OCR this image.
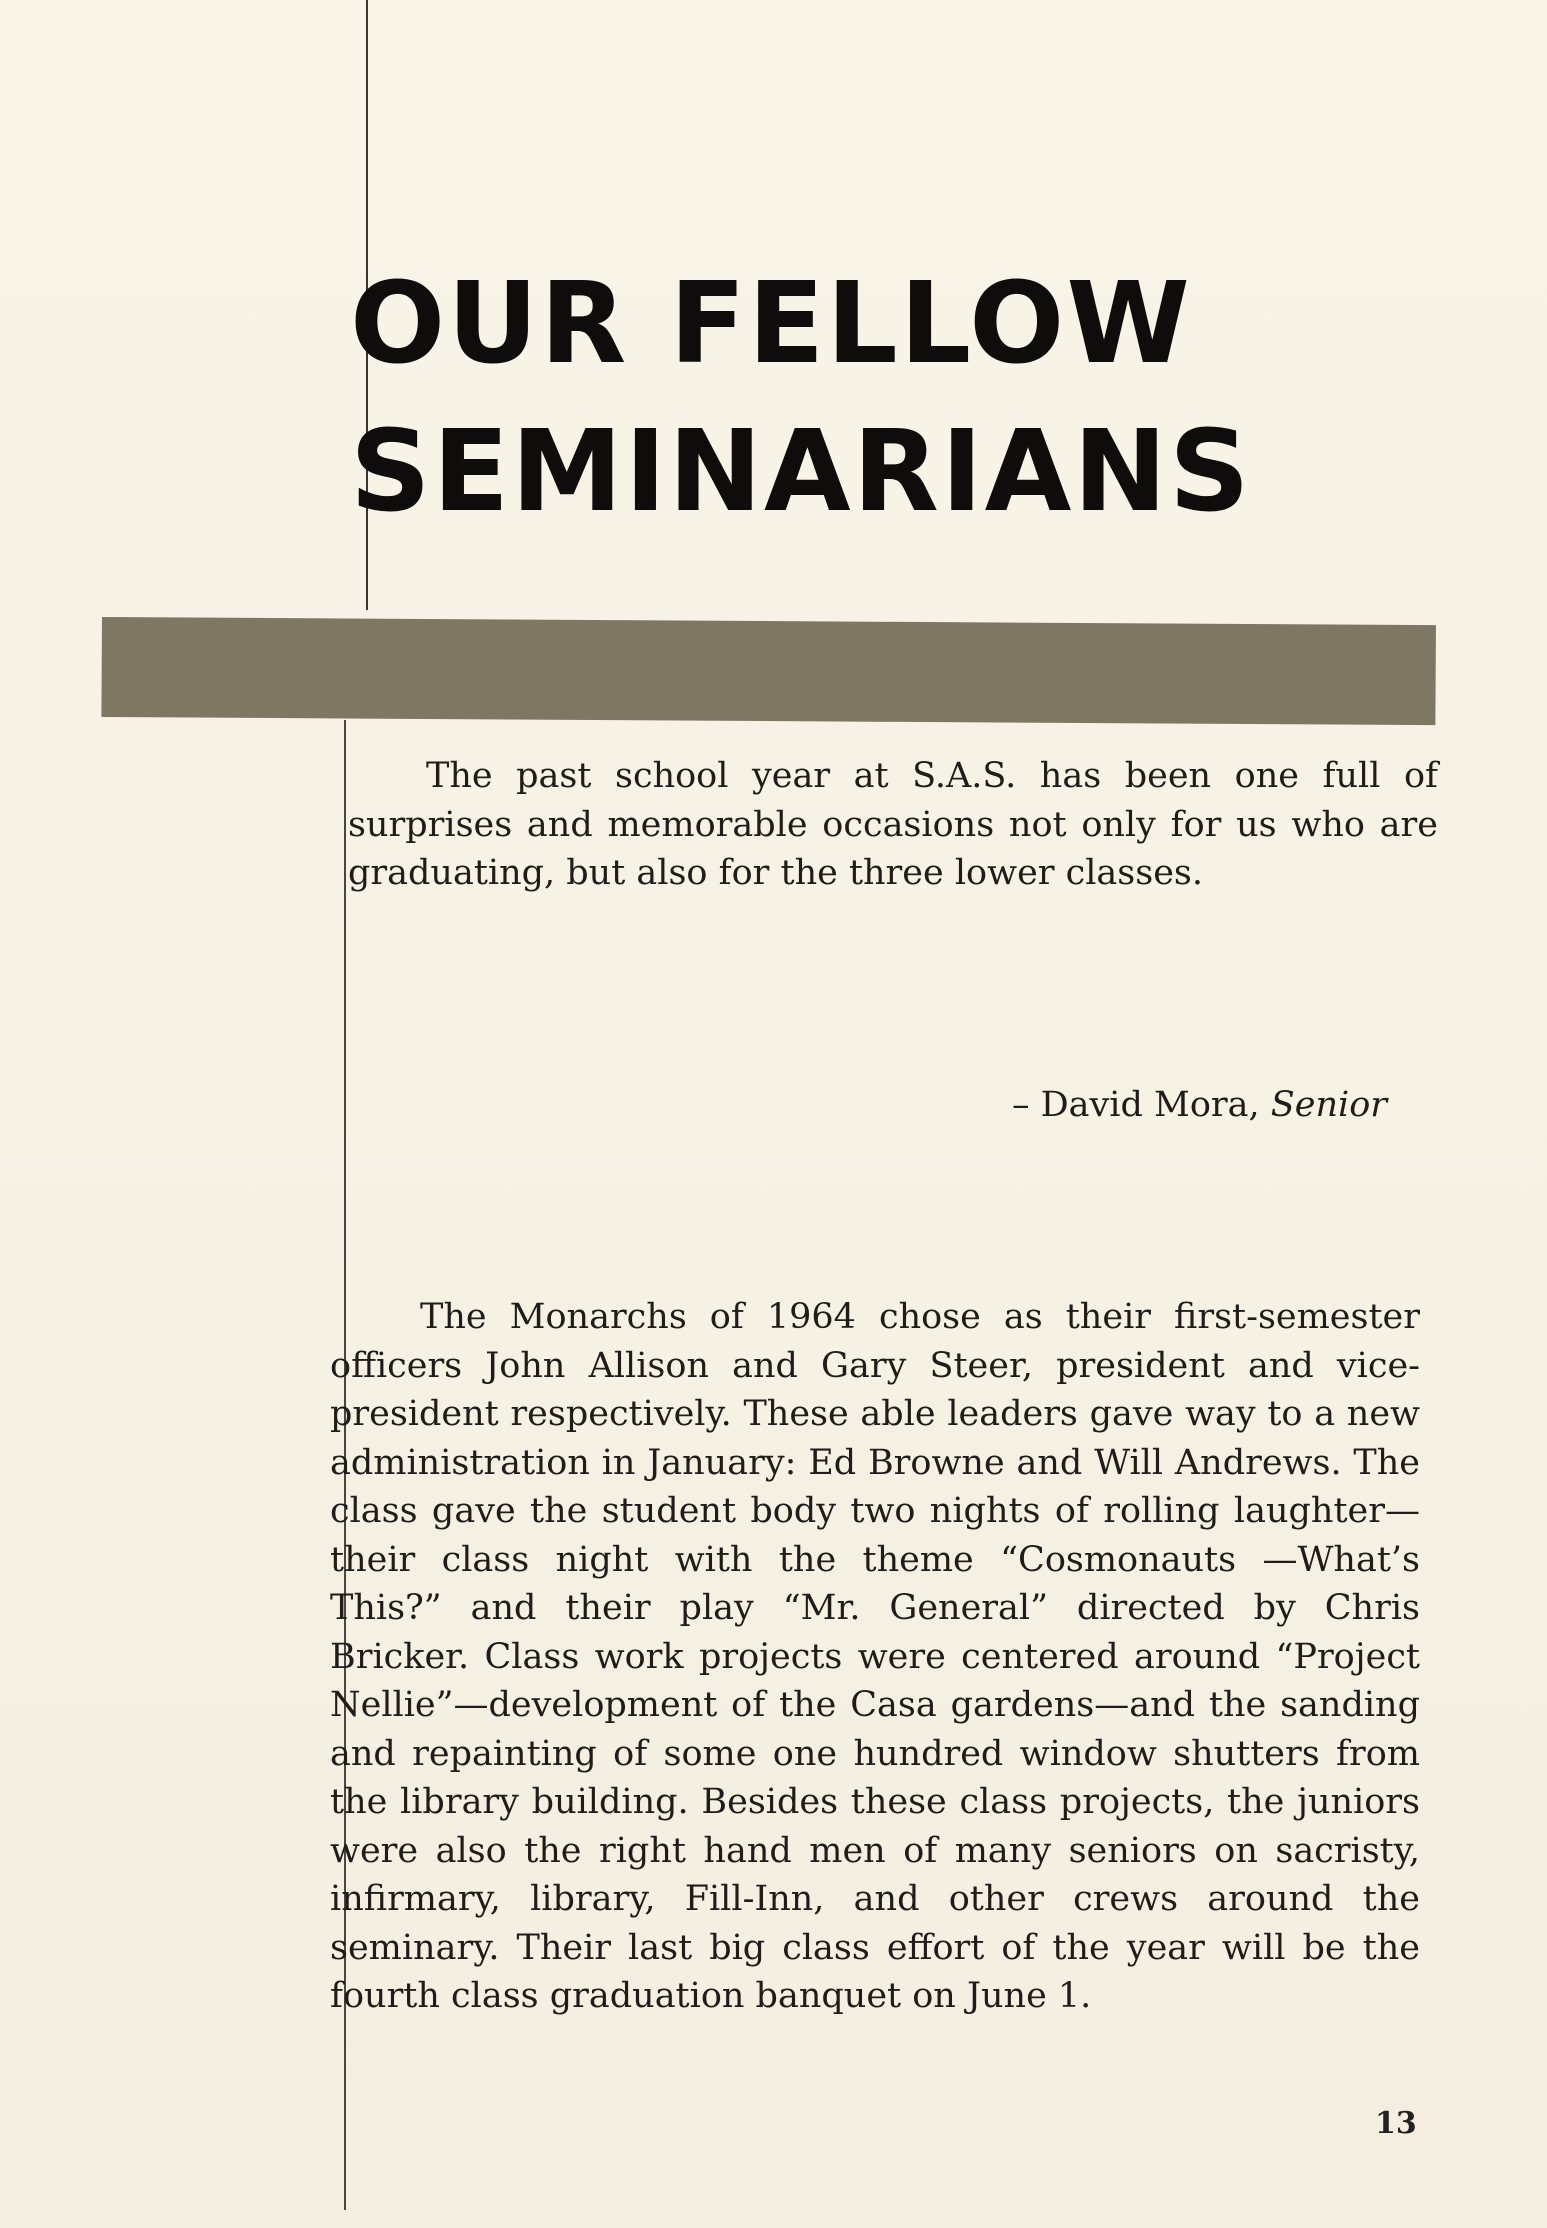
OUR FELLOW
SEMINARIANS

The past school year at S.A.S. has been one full of surprises and memorable occasions not only for us who are graduating, but also for the three lower classes.

– David Mora, Senior

The Monarchs of 1964 chose as their first-semester officers John Allison and Gary Steer, president and vice-president respectively. These able leaders gave way to a new administration in January: Ed Browne and Will Andrews. The class gave the student body two nights of rolling laughter—their class night with the theme “Cosmonauts —What’s This?” and their play “Mr. General” directed by Chris Bricker. Class work projects were centered around “Project Nellie”—development of the Casa gardens—and the sanding and repainting of some one hundred window shutters from the library building. Besides these class projects, the juniors were also the right hand men of many seniors on sacristy, infirmary, library, Fill-Inn, and other crews around the seminary. Their last big class effort of the year will be the fourth class graduation banquet on June 1.

13
